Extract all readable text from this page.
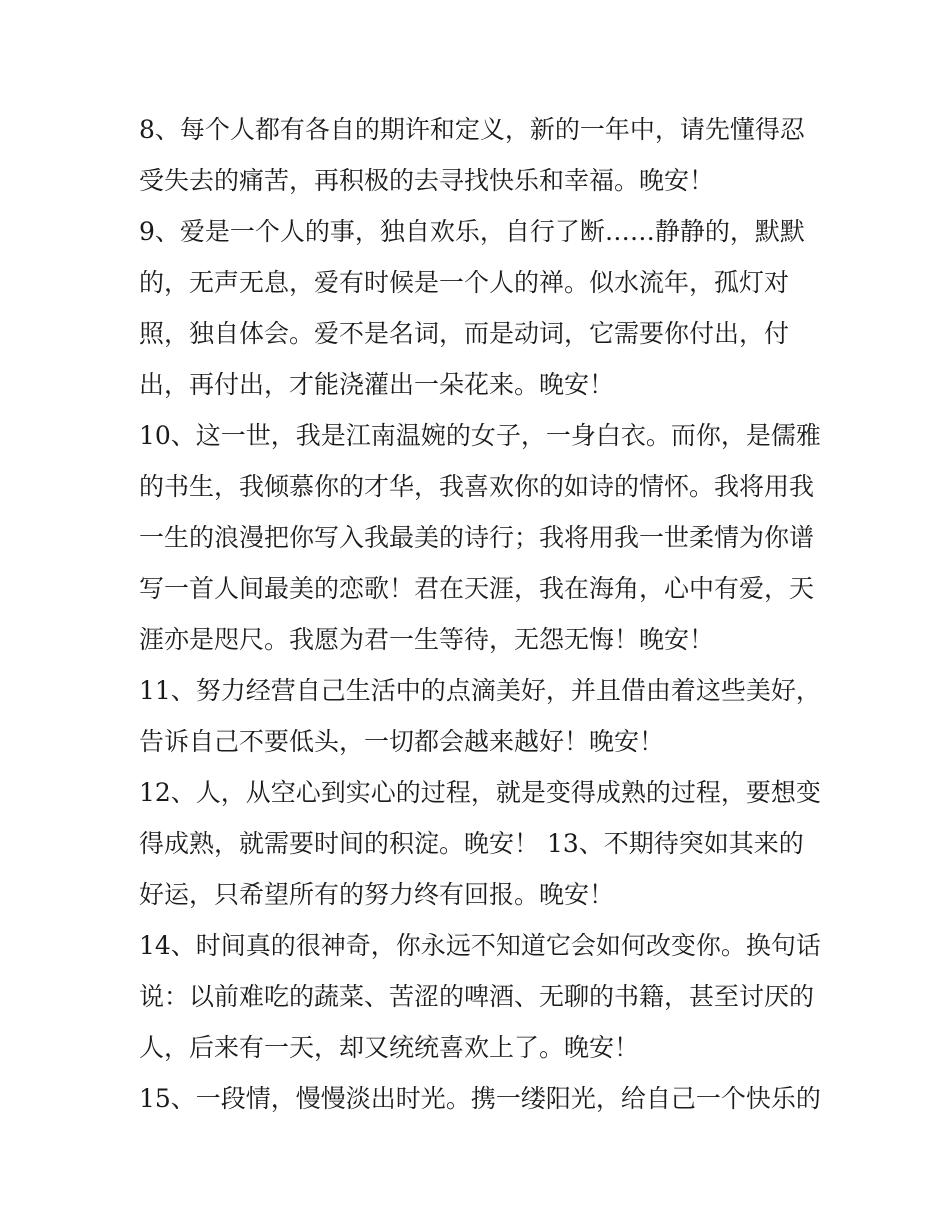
8、每个人都有各自的期许和定义，新的一年中，请先懂得忍
受失去的痛苦，再积极的去寻找快乐和幸福。晚安！
9、爱是一个人的事，独自欢乐，自行了断……静静的，默默
的，无声无息，爱有时候是一个人的禅。似水流年，孤灯对
照，独自体会。爱不是名词，而是动词，它需要你付出，付
出，再付出，才能浇灌出一朵花来。晚安！
10、这一世，我是江南温婉的女子，一身白衣。而你，是儒雅
的书生，我倾慕你的才华，我喜欢你的如诗的情怀。我将用我
一生的浪漫把你写入我最美的诗行；我将用我一世柔情为你谱
写一首人间最美的恋歌！君在天涯，我在海角，心中有爱，天
涯亦是咫尺。我愿为君一生等待，无怨无悔！晚安！
11、努力经营自己生活中的点滴美好，并且借由着这些美好，
告诉自己不要低头，一切都会越来越好！晚安！
12、人，从空心到实心的过程，就是变得成熟的过程，要想变
得成熟，就需要时间的积淀。晚安！ 13、不期待突如其来的
好运，只希望所有的努力终有回报。晚安！
14、时间真的很神奇，你永远不知道它会如何改变你。换句话
说：以前难吃的蔬菜、苦涩的啤酒、无聊的书籍，甚至讨厌的
人，后来有一天，却又统统喜欢上了。晚安！
15、一段情，慢慢淡出时光。携一缕阳光，给自己一个快乐的
